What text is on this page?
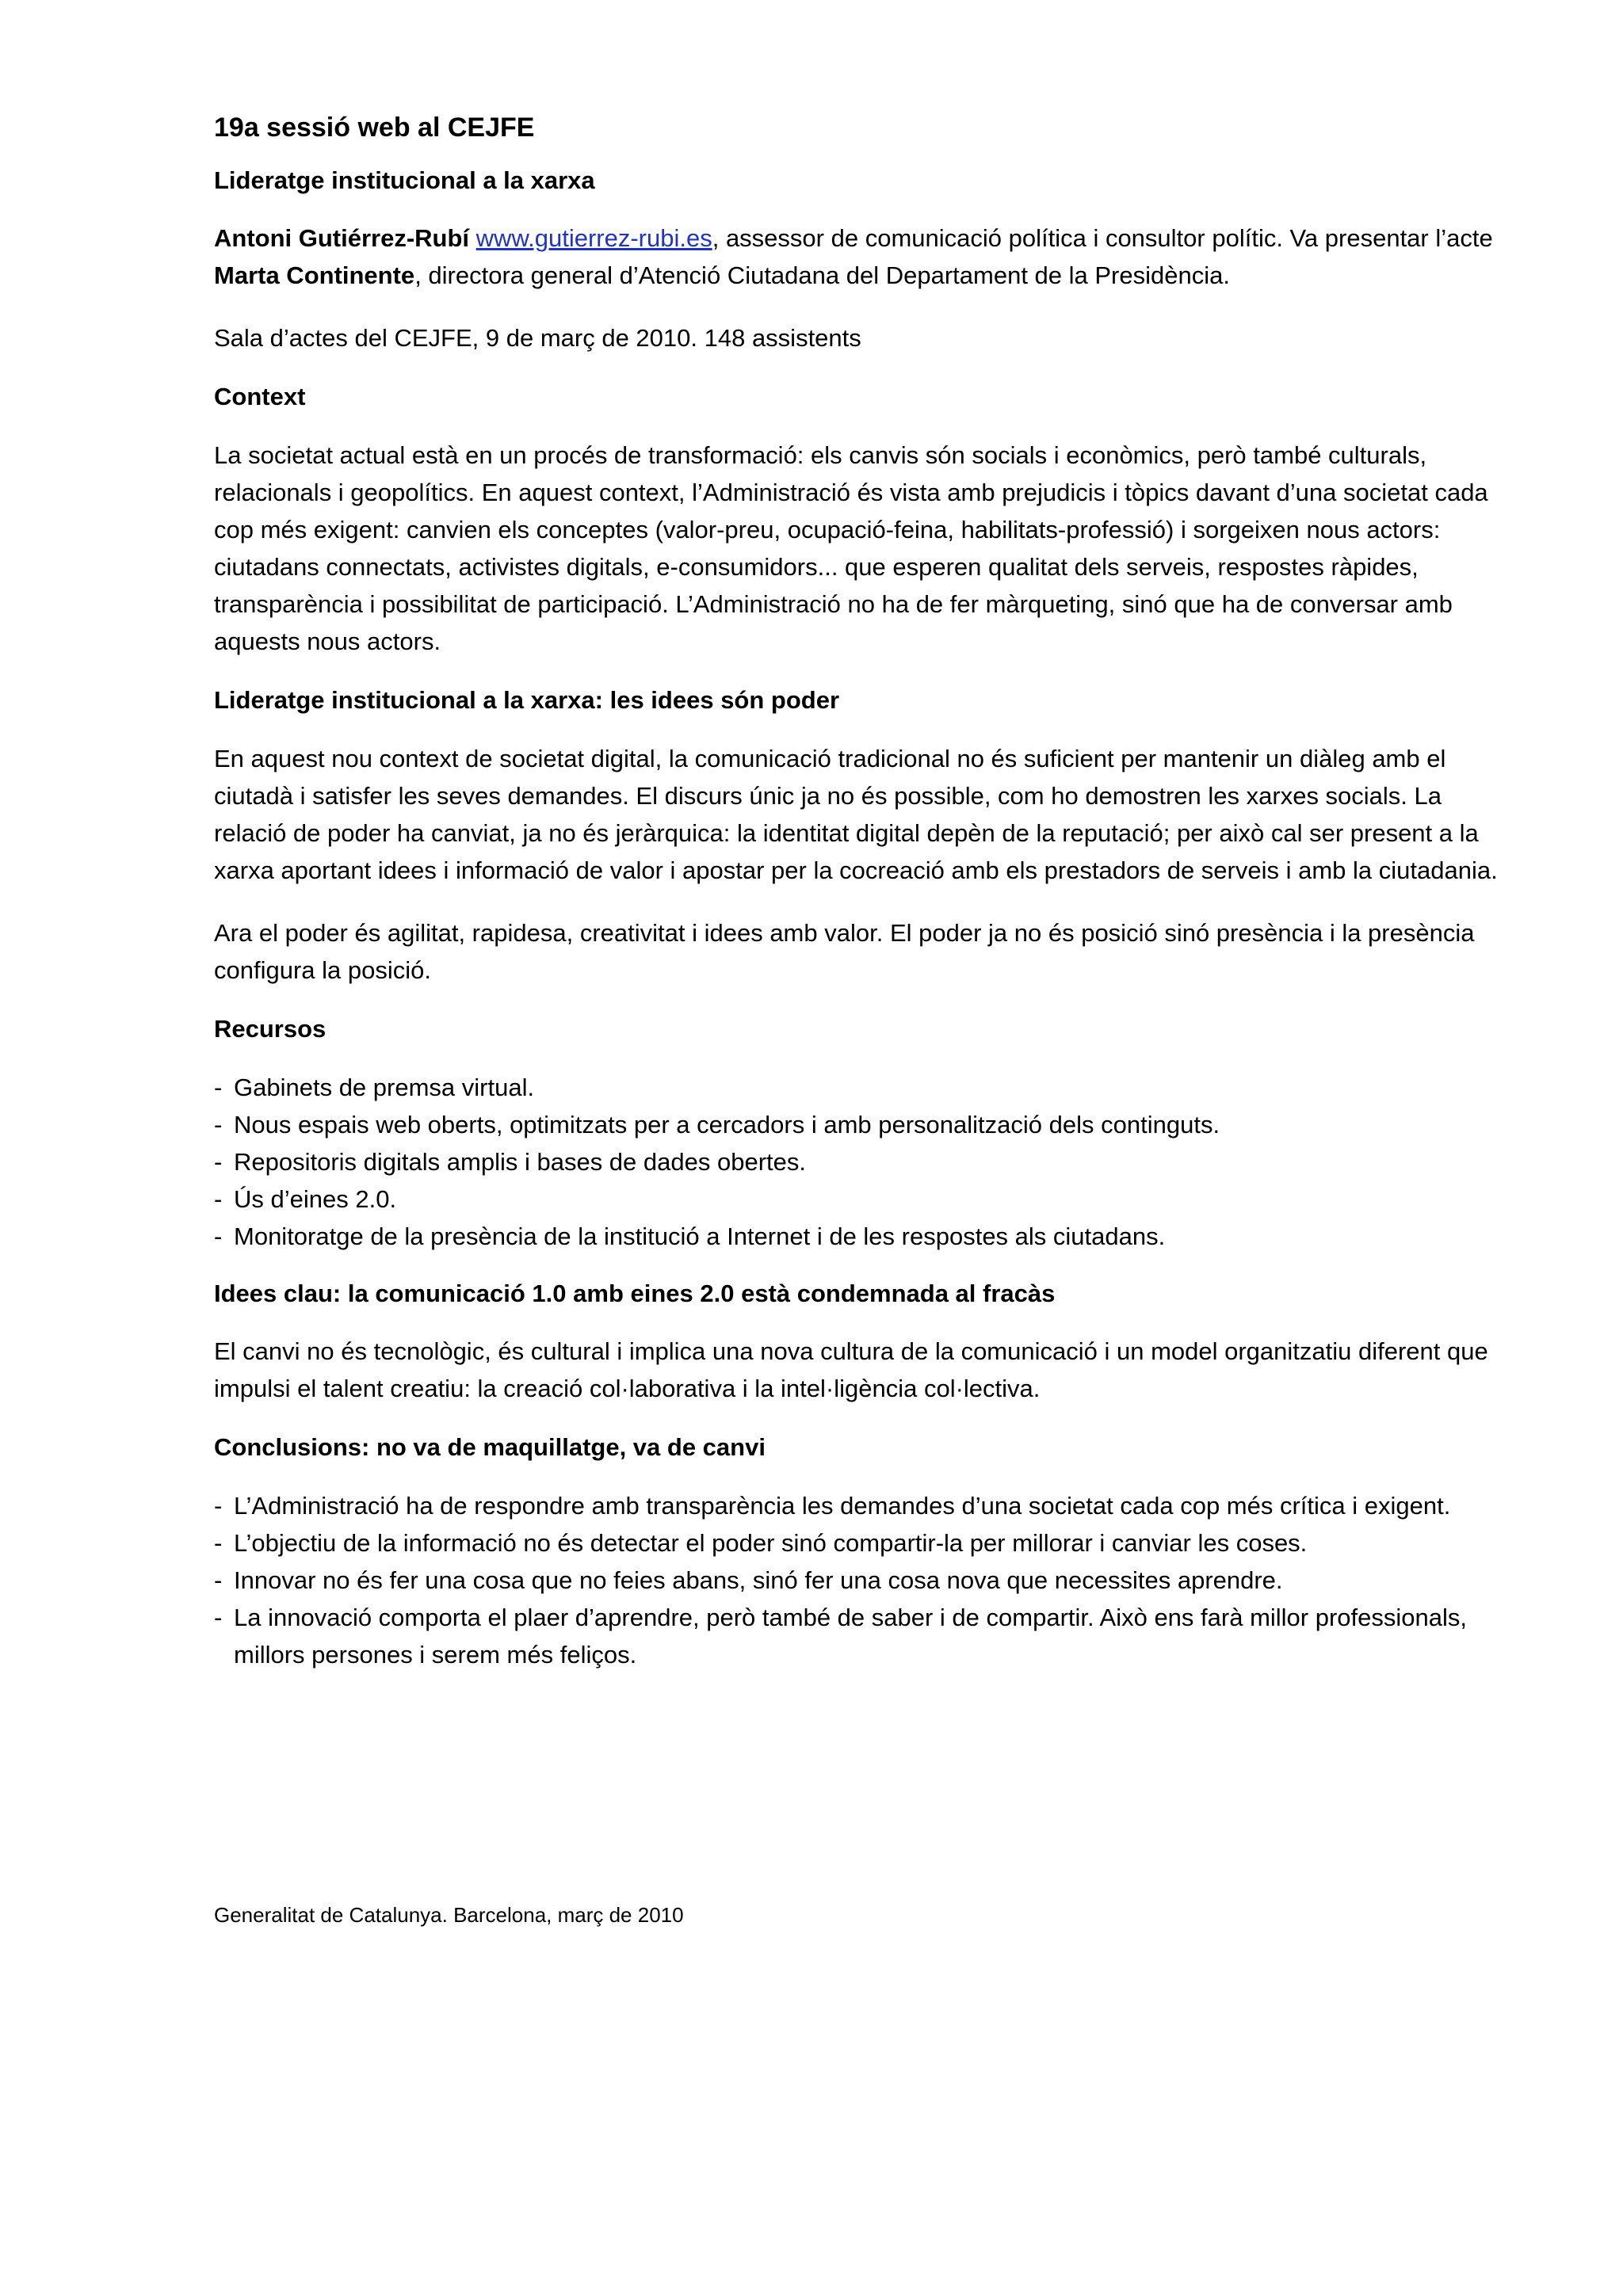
19a sessió web al CEJFE
Lideratge institucional a la xarxa

Antoni Gutiérrez-Rubí www.gutierrez-rubi.es, assessor de comunicació política i consultor polític. Va presentar l’acte Marta Continente, directora general d’Atenció Ciutadana del Departament de la Presidència.

Sala d’actes del CEJFE, 9 de març de 2010. 148 assistents

Context

La societat actual està en un procés de transformació: els canvis són socials i econòmics, però també culturals, relacionals i geopolítics. En aquest context, l’Administració és vista amb prejudicis i tòpics davant d’una societat cada cop més exigent: canvien els conceptes (valor-preu, ocupació-feina, habilitats-professió) i sorgeixen nous actors: ciutadans connectats, activistes digitals, e-consumidors... que esperen qualitat dels serveis, respostes ràpides, transparència i possibilitat de participació. L’Administració no ha de fer màrqueting, sinó que ha de conversar amb aquests nous actors.

Lideratge institucional a la xarxa: les idees són poder

En aquest nou context de societat digital, la comunicació tradicional no és suficient per mantenir un diàleg amb el ciutadà i satisfer les seves demandes. El discurs únic ja no és possible, com ho demostren les xarxes socials. La relació de poder ha canviat, ja no és jeràrquica: la identitat digital depèn de la reputació; per això cal ser present a la xarxa aportant idees i informació de valor i apostar per la cocreació amb els prestadors de serveis i amb la ciutadania.

Ara el poder és agilitat, rapidesa, creativitat i idees amb valor. El poder ja no és posició sinó presència i la presència configura la posició.

Recursos
- Gabinets de premsa virtual.
- Nous espais web oberts, optimitzats per a cercadors i amb personalització dels continguts.
- Repositoris digitals amplis i bases de dades obertes.
- Ús d’eines 2.0.
- Monitoratge de la presència de la institució a Internet i de les respostes als ciutadans.
Idees clau: la comunicació 1.0 amb eines 2.0 està condemnada al fracàs

El canvi no és tecnològic, és cultural i implica una nova cultura de la comunicació i un model organitzatiu diferent que impulsi el talent creatiu: la creació col·laborativa i la intel·ligència col·lectiva.

Conclusions: no va de maquillatge, va de canvi
- L’Administració ha de respondre amb transparència les demandes d’una societat cada cop més crítica i exigent.
- L’objectiu de la informació no és detectar el poder sinó compartir-la per millorar i canviar les coses.
- Innovar no és fer una cosa que no feies abans, sinó fer una cosa nova que necessites aprendre.
- La innovació comporta el plaer d’aprendre, però també de saber i de compartir. Això ens farà millor professionals, millors persones i serem més feliços.
Generalitat de Catalunya. Barcelona, març de 2010
